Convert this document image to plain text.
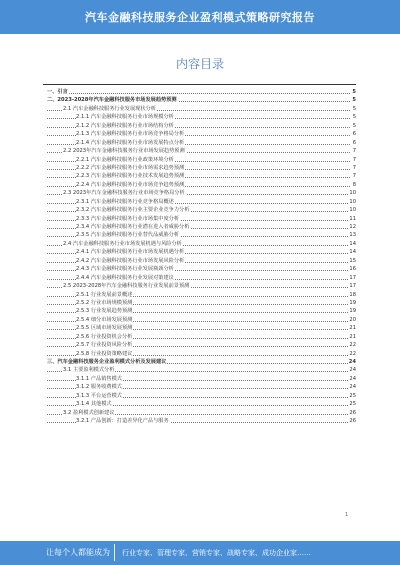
汽车金融科技服务企业盈利模式策略研究报告
内容目录
一、引言	5
二、2023-2028年汽车金融科技服务市场发展趋势预测	5
2.1 汽车金融科技服务行业发展现状分析	5
2.1.1 汽车金融科技服务行业市场规模分析	5
2.1.2 汽车金融科技服务行业市场结构分析	5
2.1.3 汽车金融科技服务行业市场竞争格局分析	6
2.1.4 汽车金融科技服务行业市场发展特点分析	6
2.2 2023年汽车金融科技服务行业市场发展趋势预测	7
2.2.1 汽车金融科技服务行业政策环境分析	7
2.2.2 汽车金融科技服务行业市场需求趋势预测	7
2.2.3 汽车金融科技服务行业技术发展趋势预测	7
2.2.4 汽车金融科技服务行业市场竞争趋势预测	8
2.3 2023年汽车金融科技服务行业市场竞争格局分析	10
2.3.1 汽车金融科技服务行业竞争格局概述	10
2.3.2 汽车金融科技服务行业主要企业竞争力分析	10
2.3.3 汽车金融科技服务行业市场集中度分析	11
2.3.4 汽车金融科技服务行业潜在进入者威胁分析	12
2.3.5 汽车金融科技服务行业替代品威胁分析	13
2.4 汽车金融科技服务行业市场发展机遇与风险分析	14
2.4.1 汽车金融科技服务行业市场发展机遇分析	14
2.4.2 汽车金融科技服务行业市场发展风险分析	15
2.4.3 汽车金融科技服务行业发展瓶颈分析	16
2.4.4 汽车金融科技服务行业发展对策建议	17
2.5 2023-2028年汽车金融科技服务行业发展前景预测	17
2.5.1 行业发展前景概述	18
2.5.2 行业市场规模预测	19
2.5.3 行业发展趋势预测	19
2.5.4 细分市场发展预测	20
2.5.5 区域市场发展预测	21
2.5.6 行业投资机会分析	21
2.5.7 行业投资风险分析	22
2.5.8 行业投资策略建议	22
三、汽车金融科技服务企业盈利模式分析及发展建议	24
3.1 主要盈利模式分析	24
3.1.1 产品销售模式	24
3.1.2 服务收费模式	24
3.1.3 平台运营模式	25
3.1.4 其他模式	25
3.2 盈利模式创新建议	26
3.2.1 产品创新：打造差异化产品与服务	26
1
让每个人都能成为 行业专家、管理专家、营销专家、战略专家、成功企业家……
